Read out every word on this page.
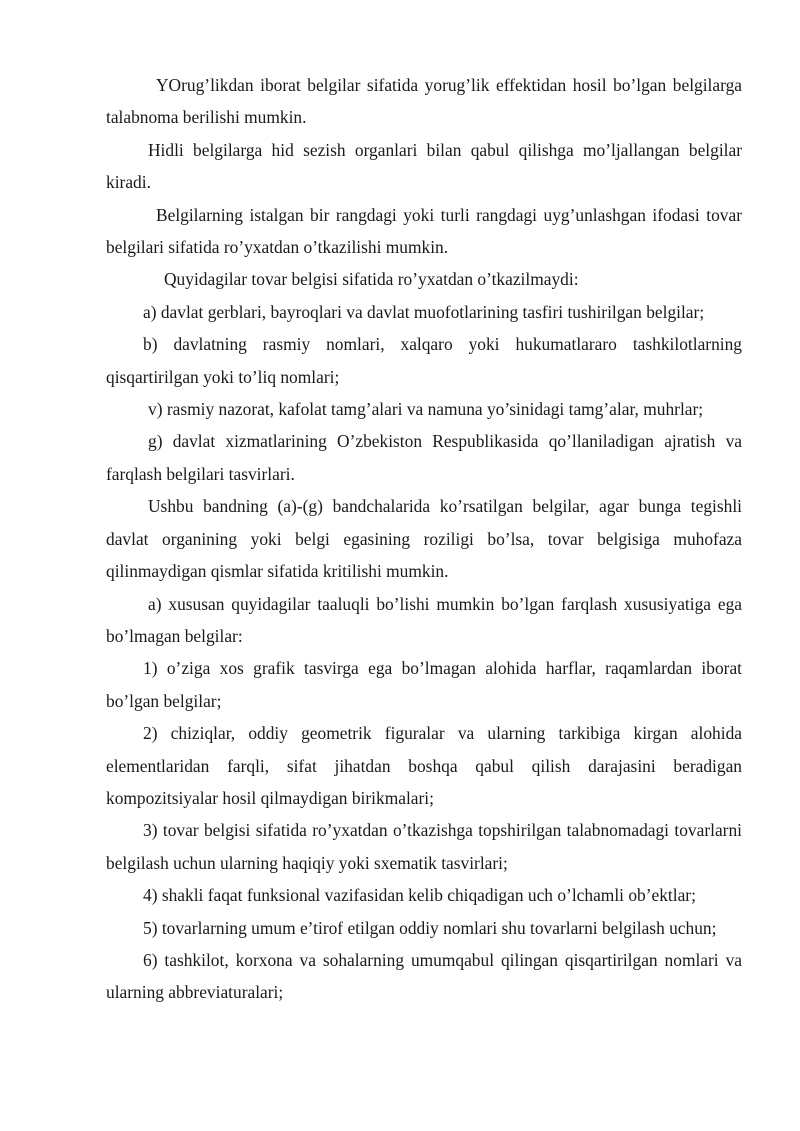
YOrug’likdan iborat belgilar sifatida yorug’lik effektidan hosil bo’lgan belgilarga talabnoma berilishi mumkin.

Hidli belgilarga hid sezish organlari bilan qabul qilishga mo’ljallangan belgilar kiradi.

Belgilarning istalgan bir rangdagi yoki turli rangdagi uyg’unlashgan ifodasi tovar belgilari sifatida ro’yxatdan o’tkazilishi mumkin.

Quyidagilar tovar belgisi sifatida ro’yxatdan o’tkazilmaydi:

a) davlat gerblari, bayroqlari va davlat muofotlarining tasfiri tushirilgan belgilar;

b) davlatning rasmiy nomlari, xalqaro yoki hukumatlararo tashkilotlarning qisqartirilgan yoki to’liq nomlari;

v) rasmiy nazorat, kafolat tamg’alari va namuna yo’sinidagi tamg’alar, muhrlar;

g) davlat xizmatlarining O’zbekiston Respublikasida qo’llaniladigan ajratish va farqlash belgilari tasvirlari.

Ushbu bandning (a)-(g) bandchalarida ko’rsatilgan belgilar, agar bunga tegishli davlat organining yoki belgi egasining roziligi bo’lsa, tovar belgisiga muhofaza qilinmaydigan qismlar sifatida kritilishi mumkin.

a) xususan quyidagilar taaluqli bo’lishi mumkin bo’lgan farqlash xususiyatiga ega bo’lmagan belgilar:

1) o’ziga xos grafik tasvirga ega bo’lmagan alohida harflar, raqamlardan iborat bo’lgan belgilar;

2) chiziqlar, oddiy geometrik figuralar va ularning tarkibiga kirgan alohida elementlaridan farqli, sifat jihatdan boshqa qabul qilish darajasini beradigan kompozitsiyalar hosil qilmaydigan birikmalari;

3) tovar belgisi sifatida ro’yxatdan o’tkazishga topshirilgan talabnomadagi tovarlarni belgilash uchun ularning haqiqiy yoki sxematik tasvirlari;

4) shakli faqat funksional vazifasidan kelib chiqadigan uch o’lchamli ob’ektlar;

5) tovarlarning umum e’tirof etilgan oddiy nomlari shu tovarlarni belgilash uchun;

6) tashkilot, korxona va sohalarning umumqabul qilingan qisqartirilgan nomlari va ularning abbreviaturalari;
